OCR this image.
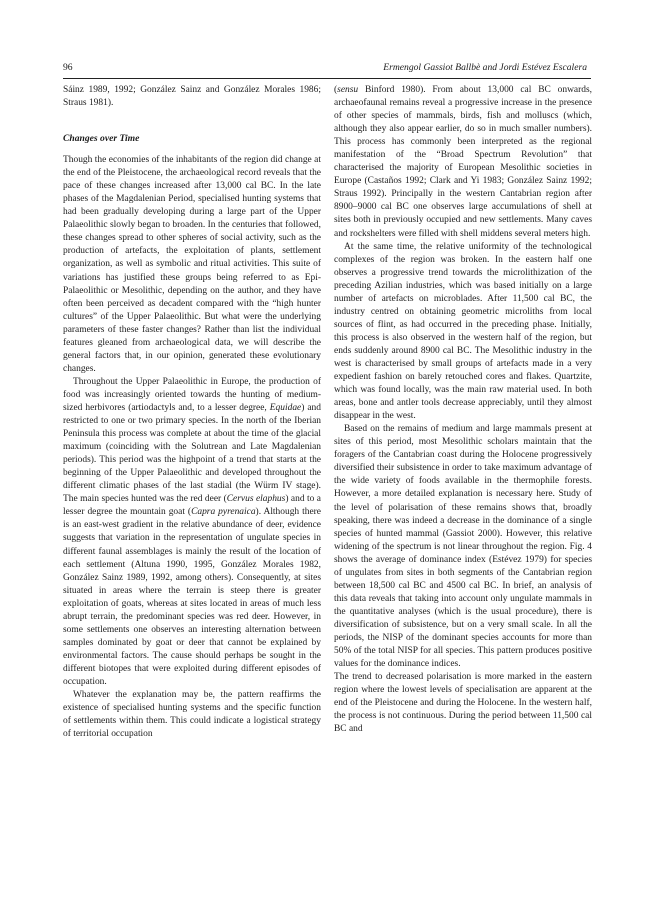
96	Ermengol Gassiot Ballbè and Jordi Estévez Escalera

Sáinz 1989, 1992; González Sainz and González Morales 1986; Straus 1981).

Changes over Time

Though the economies of the inhabitants of the region did change at the end of the Pleistocene, the archaeological record reveals that the pace of these changes increased after 13,000 cal BC. In the late phases of the Magdalenian Period, specialised hunting systems that had been gradually developing during a large part of the Upper Palaeolithic slowly began to broaden. In the centuries that followed, these changes spread to other spheres of social activity, such as the production of artefacts, the exploitation of plants, settlement organization, as well as symbolic and ritual activities. This suite of variations has justified these groups being referred to as Epi-Palaeolithic or Mesolithic, depending on the author, and they have often been perceived as decadent compared with the “high hunter cultures” of the Upper Palaeolithic. But what were the underlying parameters of these faster changes? Rather than list the individual features gleaned from archaeological data, we will describe the general factors that, in our opinion, generated these evolutionary changes.

Throughout the Upper Palaeolithic in Europe, the production of food was increasingly oriented towards the hunting of medium-sized herbivores (artiodactyls and, to a lesser degree, Equidae) and restricted to one or two primary species. In the north of the Iberian Peninsula this process was complete at about the time of the glacial maximum (coinciding with the Solutrean and Late Magdalenian periods). This period was the highpoint of a trend that starts at the beginning of the Upper Palaeolithic and developed throughout the different climatic phases of the last stadial (the Würm IV stage). The main species hunted was the red deer (Cervus elaphus) and to a lesser degree the mountain goat (Capra pyrenaica). Although there is an east-west gradient in the relative abundance of deer, evidence suggests that variation in the representation of ungulate species in different faunal assemblages is mainly the result of the location of each settlement (Altuna 1990, 1995, González Morales 1982, González Sainz 1989, 1992, among others). Consequently, at sites situated in areas where the terrain is steep there is greater exploitation of goats, whereas at sites located in areas of much less abrupt terrain, the predominant species was red deer. However, in some settlements one observes an interesting alternation between samples dominated by goat or deer that cannot be explained by environmental factors. The cause should perhaps be sought in the different biotopes that were exploited during different episodes of occupation.

Whatever the explanation may be, the pattern reaffirms the existence of specialised hunting systems and the specific function of settlements within them. This could indicate a logistical strategy of territorial occupation

(sensu Binford 1980). From about 13,000 cal BC onwards, archaeofaunal remains reveal a progressive increase in the presence of other species of mammals, birds, fish and molluscs (which, although they also appear earlier, do so in much smaller numbers). This process has commonly been interpreted as the regional manifestation of the “Broad Spectrum Revolution” that characterised the majority of European Mesolithic societies in Europe (Castaños 1992; Clark and Yi 1983; González Sainz 1992; Straus 1992). Principally in the western Cantabrian region after 8900–9000 cal BC one observes large accumulations of shell at sites both in previously occupied and new settlements. Many caves and rockshelters were filled with shell middens several meters high.

At the same time, the relative uniformity of the technological complexes of the region was broken. In the eastern half one observes a progressive trend towards the microlithization of the preceding Azilian industries, which was based initially on a large number of artefacts on microblades. After 11,500 cal BC, the industry centred on obtaining geometric microliths from local sources of flint, as had occurred in the preceding phase. Initially, this process is also observed in the western half of the region, but ends suddenly around 8900 cal BC. The Mesolithic industry in the west is characterised by small groups of artefacts made in a very expedient fashion on barely retouched cores and flakes. Quartzite, which was found locally, was the main raw material used. In both areas, bone and antler tools decrease appreciably, until they almost disappear in the west.

Based on the remains of medium and large mammals present at sites of this period, most Mesolithic scholars maintain that the foragers of the Cantabrian coast during the Holocene progressively diversified their subsistence in order to take maximum advantage of the wide variety of foods available in the thermophile forests. However, a more detailed explanation is necessary here. Study of the level of polarisation of these remains shows that, broadly speaking, there was indeed a decrease in the dominance of a single species of hunted mammal (Gassiot 2000). However, this relative widening of the spectrum is not linear throughout the region. Fig. 4 shows the average of dominance index (Estévez 1979) for species of ungulates from sites in both segments of the Cantabrian region between 18,500 cal BC and 4500 cal BC. In brief, an analysis of this data reveals that taking into account only ungulate mammals in the quantitative analyses (which is the usual procedure), there is diversification of subsistence, but on a very small scale. In all the periods, the NISP of the dominant species accounts for more than 50% of the total NISP for all species. This pattern produces positive values for the dominance indices.

The trend to decreased polarisation is more marked in the eastern region where the lowest levels of specialisation are apparent at the end of the Pleistocene and during the Holocene. In the western half, the process is not continuous. During the period between 11,500 cal BC and
